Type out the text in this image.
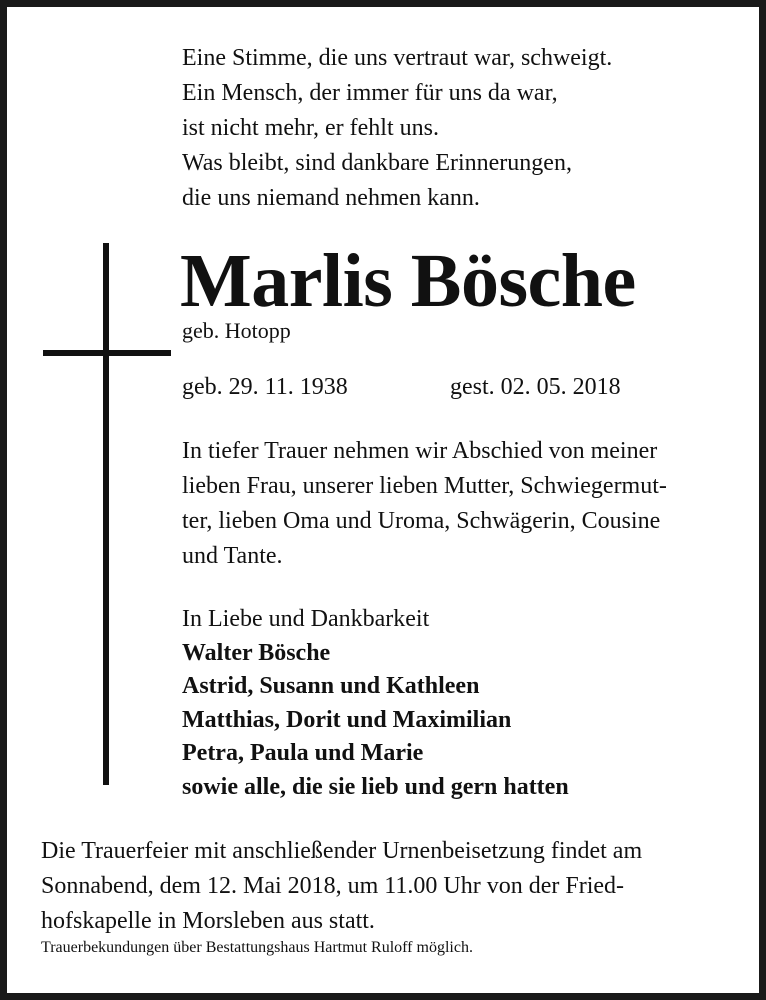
Eine Stimme, die uns vertraut war, schweigt.
Ein Mensch, der immer für uns da war,
ist nicht mehr, er fehlt uns.
Was bleibt, sind dankbare Erinnerungen,
die uns niemand nehmen kann.
Marlis Bösche
geb. Hotopp
geb. 29. 11. 1938	gest. 02. 05. 2018
In tiefer Trauer nehmen wir Abschied von meiner
lieben Frau, unserer lieben Mutter, Schwiegermut-
ter, lieben Oma und Uroma, Schwägerin, Cousine
und Tante.
In Liebe und Dankbarkeit
Walter Bösche
Astrid, Susann und Kathleen
Matthias, Dorit und Maximilian
Petra, Paula und Marie
sowie alle, die sie lieb und gern hatten
Die Trauerfeier mit anschließender Urnenbeisetzung findet am
Sonnabend, dem 12. Mai 2018, um 11.00 Uhr von der Fried-
hofskapelle in Morsleben aus statt.
Trauerbekundungen über Bestattungshaus Hartmut Ruloff möglich.
